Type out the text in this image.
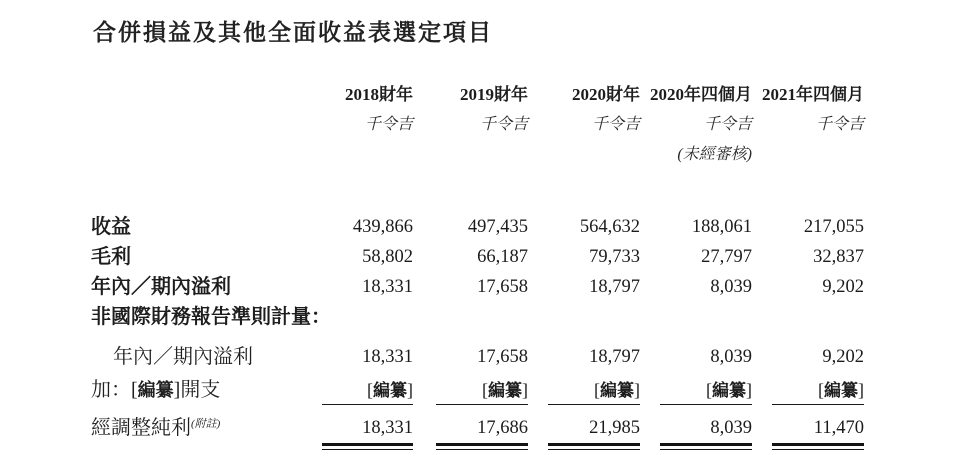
合併損益及其他全面收益表選定項目
2018財年	2019財年	2020財年 2020年四個月 2021年四個月
千令吉	千令吉	千令吉	千令吉	千令吉
(未經審核)
收益	439,866	497,435	564,632	188,061	217,055
毛利	58,802	66,187	79,733	27,797	32,837
年內／期內溢利	18,331	17,658	18,797	8,039	9,202
非國際財務報告準則計量：
年內／期內溢利	18,331	17,658	18,797	8,039	9,202
加：[編纂]開支	[編纂]	[編纂]	[編纂]	[編纂]	[編纂]
經調整純利$^{(附註)}$	18,331	17,686	21,985	8,039	11,470
